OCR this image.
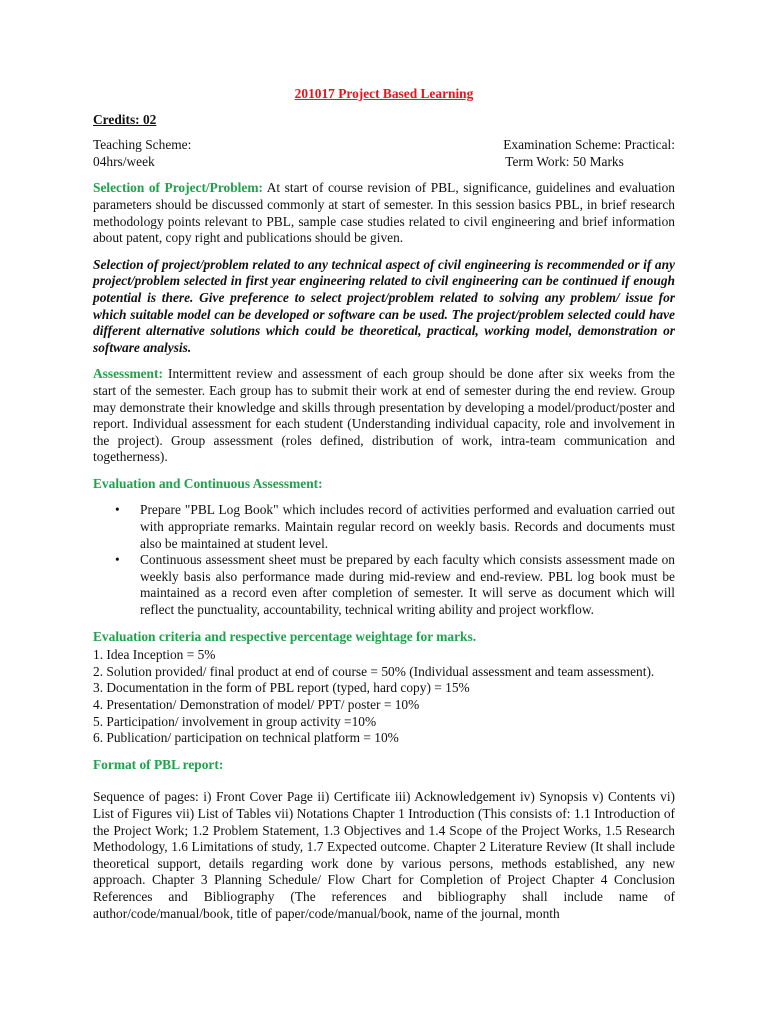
201017 Project Based Learning
Credits: 02
Teaching Scheme:
04hrs/week
Examination Scheme: Practical:
Term Work: 50 Marks

Selection of Project/Problem: At start of course revision of PBL, significance, guidelines and evaluation parameters should be discussed commonly at start of semester. In this session basics PBL, in brief research methodology points relevant to PBL, sample case studies related to civil engineering and brief information about patent, copy right and publications should be given.

Selection of project/problem related to any technical aspect of civil engineering is recommended or if any project/problem selected in first year engineering related to civil engineering can be continued if enough potential is there. Give preference to select project/problem related to solving any problem/ issue for which suitable model can be developed or software can be used. The project/problem selected could have different alternative solutions which could be theoretical, practical, working model, demonstration or software analysis.

Assessment: Intermittent review and assessment of each group should be done after six weeks from the start of the semester. Each group has to submit their work at end of semester during the end review. Group may demonstrate their knowledge and skills through presentation by developing a model/product/poster and report. Individual assessment for each student (Understanding individual capacity, role and involvement in the project). Group assessment (roles defined, distribution of work, intra-team communication and togetherness).

Evaluation and Continuous Assessment:
• Prepare "PBL Log Book" which includes record of activities performed and evaluation carried out with appropriate remarks. Maintain regular record on weekly basis. Records and documents must also be maintained at student level.
• Continuous assessment sheet must be prepared by each faculty which consists assessment made on weekly basis also performance made during mid-review and end-review. PBL log book must be maintained as a record even after completion of semester. It will serve as document which will reflect the punctuality, accountability, technical writing ability and project workflow.
Evaluation criteria and respective percentage weightage for marks.
1. Idea Inception = 5%
2. Solution provided/ final product at end of course = 50% (Individual assessment and team assessment).
3. Documentation in the form of PBL report (typed, hard copy) = 15%
4. Presentation/ Demonstration of model/ PPT/ poster = 10%
5. Participation/ involvement in group activity =10%
6. Publication/ participation on technical platform = 10%
Format of PBL report:

Sequence of pages: i) Front Cover Page ii) Certificate iii) Acknowledgement iv) Synopsis v) Contents vi) List of Figures vii) List of Tables vii) Notations Chapter 1 Introduction (This consists of: 1.1 Introduction of the Project Work; 1.2 Problem Statement, 1.3 Objectives and 1.4 Scope of the Project Works, 1.5 Research Methodology, 1.6 Limitations of study, 1.7 Expected outcome. Chapter 2 Literature Review (It shall include theoretical support, details regarding work done by various persons, methods established, any new approach. Chapter 3 Planning Schedule/ Flow Chart for Completion of Project Chapter 4 Conclusion References and Bibliography (The references and bibliography shall include name of author/code/manual/book, title of paper/code/manual/book, name of the journal, month
